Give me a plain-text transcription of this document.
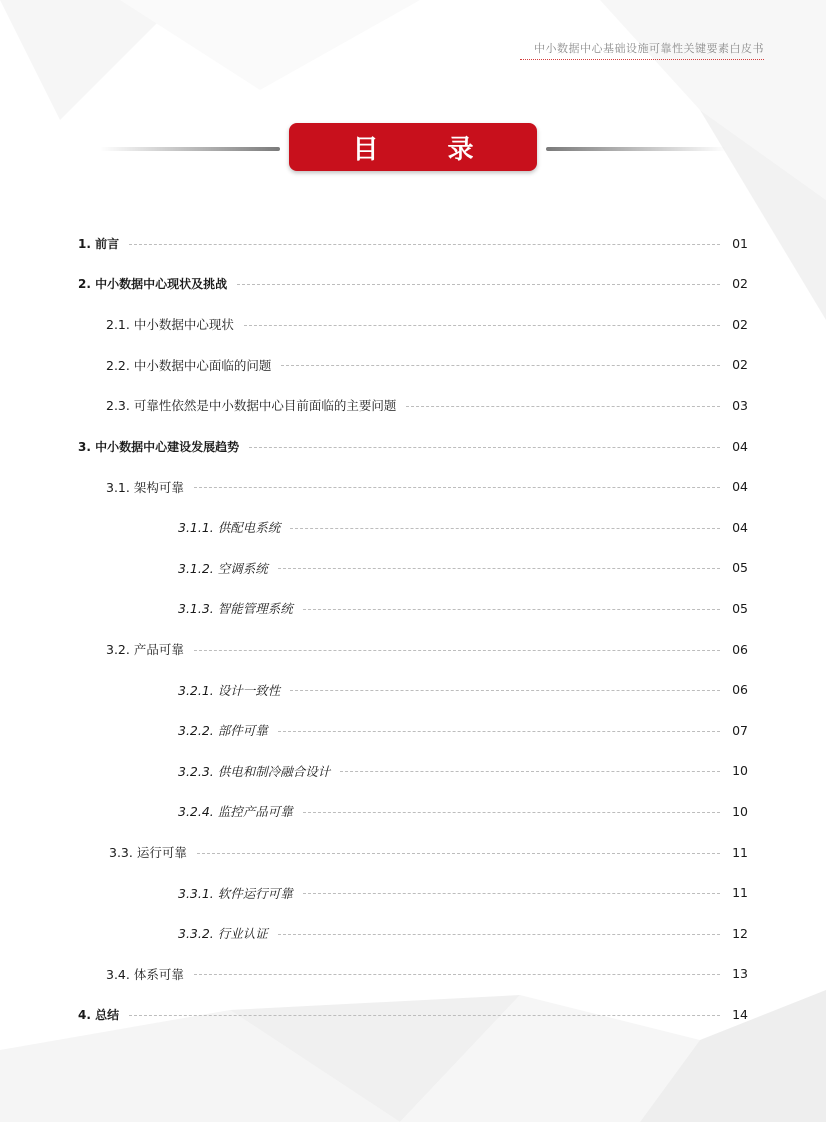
中小数据中心基础设施可靠性关键要素白皮书
目 录
1. 前言	01
2. 中小数据中心现状及挑战	02
2.1. 中小数据中心现状	02
2.2. 中小数据中心面临的问题	02
2.3. 可靠性依然是中小数据中心目前面临的主要问题	03
3. 中小数据中心建设发展趋势	04
3.1. 架构可靠	04
3.1.1. 供配电系统	04
3.1.2. 空调系统	05
3.1.3. 智能管理系统	05
3.2. 产品可靠	06
3.2.1. 设计一致性	06
3.2.2. 部件可靠	07
3.2.3. 供电和制冷融合设计	10
3.2.4. 监控产品可靠	10
3.3. 运行可靠	11
3.3.1. 软件运行可靠	11
3.3.2. 行业认证	12
3.4. 体系可靠	13
4. 总结	14
